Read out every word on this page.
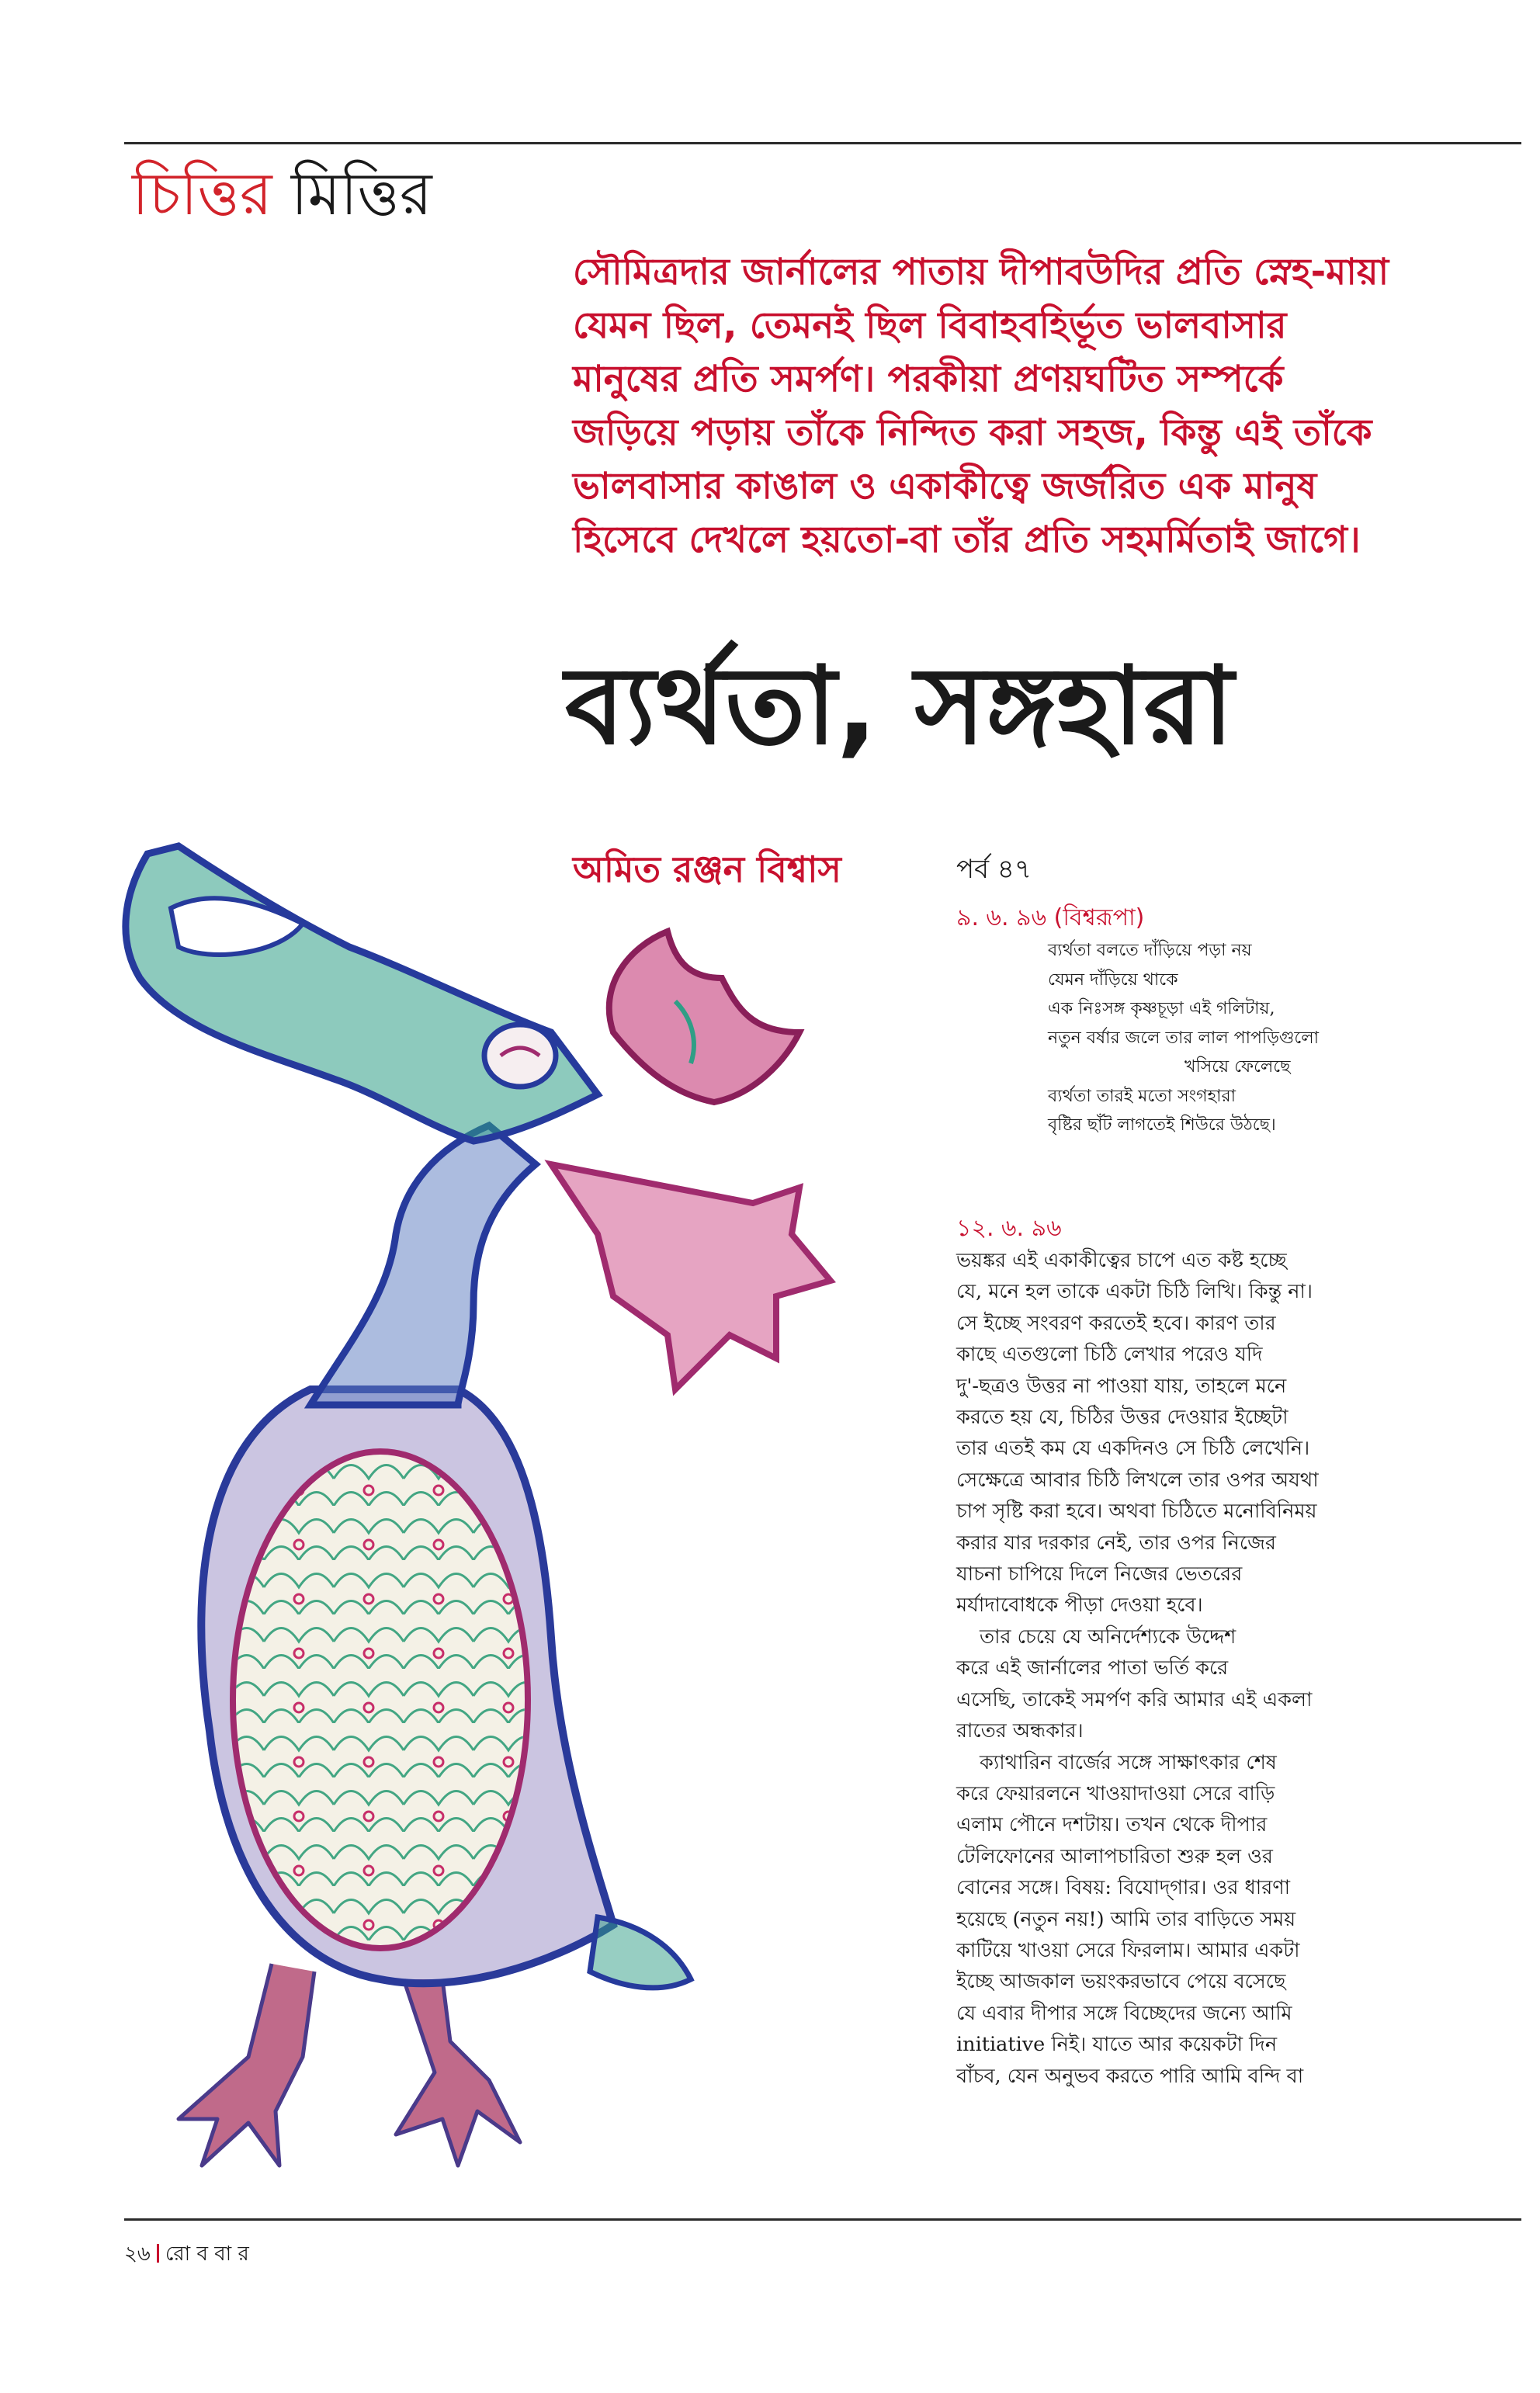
চিত্তির মিত্তির

সৌমিত্রদার জার্নালের পাতায় দীপাবউদির প্রতি স্নেহ-মায়া

যেমন ছিল, তেমনই ছিল বিবাহবহির্ভূত ভালবাসার

মানুষের প্রতি সমর্পণ। পরকীয়া প্রণয়ঘটিত সম্পর্কে

জড়িয়ে পড়ায় তাঁকে নিন্দিত করা সহজ, কিন্তু এই তাঁকে

ভালবাসার কাঙাল ও একাকীত্বে জর্জরিত এক মানুষ

হিসেবে দেখলে হয়তো-বা তাঁর প্রতি সহমর্মিতাই জাগে।

ব্যর্থতা, সঙ্গহারা
অমিত রঞ্জন বিশ্বাস	পর্ব ৪৭
৯. ৬. ৯৬ (বিশ্বরূপা)
ব্যর্থতা বলতে দাঁড়িয়ে পড়া নয়
যেমন দাঁড়িয়ে থাকে
এক নিঃসঙ্গ কৃষ্ণচূড়া এই গলিটায়,
নতুন বর্ষার জলে তার লাল পাপড়িগুলো
খসিয়ে ফেলেছে
ব্যর্থতা তারই মতো সংগহারা
বৃষ্টির ছাঁট লাগতেই শিউরে উঠছে।
১২. ৬. ৯৬
ভয়ঙ্কর এই একাকীত্বের চাপে এত কষ্ট হচ্ছে
যে, মনে হল তাকে একটা চিঠি লিখি। কিন্তু না।
সে ইচ্ছে সংবরণ করতেই হবে। কারণ তার
কাছে এতগুলো চিঠি লেখার পরেও যদি
দু'-ছত্রও উত্তর না পাওয়া যায়, তাহলে মনে
করতে হয় যে, চিঠির উত্তর দেওয়ার ইচ্ছেটা
তার এতই কম যে একদিনও সে চিঠি লেখেনি।
সেক্ষেত্রে আবার চিঠি লিখলে তার ওপর অযথা
চাপ সৃষ্টি করা হবে। অথবা চিঠিতে মনোবিনিময়
করার যার দরকার নেই, তার ওপর নিজের
যাচনা চাপিয়ে দিলে নিজের ভেতরের
মর্যাদাবোধকে পীড়া দেওয়া হবে।
তার চেয়ে যে অনির্দেশ্যকে উদ্দেশ
করে এই জার্নালের পাতা ভর্তি করে
এসেছি, তাকেই সমর্পণ করি আমার এই একলা
রাতের অন্ধকার।
ক্যাথারিন বার্জের সঙ্গে সাক্ষাৎকার শেষ
করে ফেয়ারলনে খাওয়াদাওয়া সেরে বাড়ি
এলাম পৌনে দশটায়। তখন থেকে দীপার
টেলিফোনের আলাপচারিতা শুরু হল ওর
বোনের সঙ্গে। বিষয়: বিযোদ্‌গার। ওর ধারণা
হয়েছে (নতুন নয়!) আমি তার বাড়িতে সময়
কাটিয়ে খাওয়া সেরে ফিরলাম। আমার একটা
ইচ্ছে আজকাল ভয়ংকরভাবে পেয়ে বসেছে
যে এবার দীপার সঙ্গে বিচ্ছেদের জন্যে আমি
initiative নিই। যাতে আর কয়েকটা দিন
বাঁচব, যেন অনুভব করতে পারি আমি বন্দি বা
২৬ রো ব বা র
